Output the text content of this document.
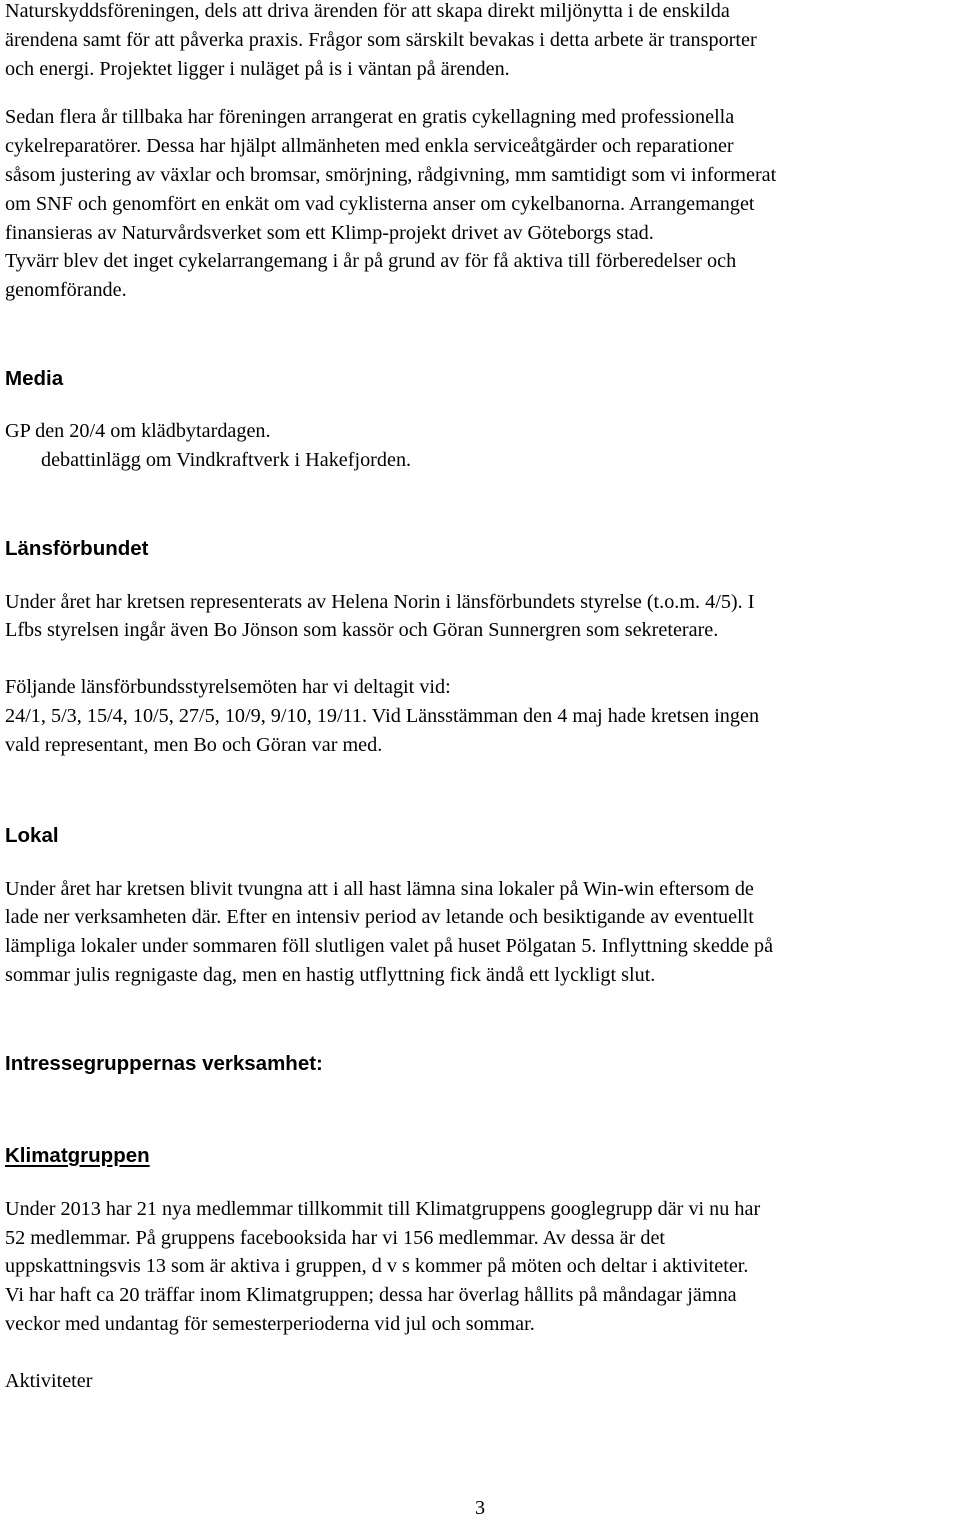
Naturskyddsföreningen, dels att driva ärenden för att skapa direkt miljönytta i de enskilda
ärendena samt för att påverka praxis. Frågor som särskilt bevakas i detta arbete är transporter
och energi. Projektet ligger i nuläget på is i väntan på ärenden.

Sedan flera år tillbaka har föreningen arrangerat en gratis cykellagning med professionella
cykelreparatörer. Dessa har hjälpt allmänheten med enkla serviceåtgärder och reparationer
såsom justering av växlar och bromsar, smörjning, rådgivning, mm samtidigt som vi informerat
om SNF och genomfört en enkät om vad cyklisterna anser om cykelbanorna. Arrangemanget
finansieras av Naturvårdsverket som ett Klimp-projekt drivet av Göteborgs stad.
Tyvärr blev det inget cykelarrangemang i år på grund av för få aktiva till förberedelser och
genomförande.

Media

GP den 20/4 om klädbytardagen.
debattinlägg om Vindkraftverk i Hakefjorden.

Länsförbundet

Under året har kretsen representerats av Helena Norin i länsförbundets styrelse (t.o.m. 4/5). I
Lfbs styrelsen ingår även Bo Jönson som kassör och Göran Sunnergren som sekreterare.

Följande länsförbundsstyrelsemöten har vi deltagit vid:
24/1, 5/3, 15/4, 10/5, 27/5, 10/9, 9/10, 19/11. Vid Länsstämman den 4 maj hade kretsen ingen
vald representant, men Bo och Göran var med.

Lokal

Under året har kretsen blivit tvungna att i all hast lämna sina lokaler på Win-win eftersom de
lade ner verksamheten där. Efter en intensiv period av letande och besiktigande av eventuellt
lämpliga lokaler under sommaren föll slutligen valet på huset Pölgatan 5. Inflyttning skedde på
sommar julis regnigaste dag, men en hastig utflyttning fick ändå ett lyckligt slut.

Intressegruppernas verksamhet:
Klimatgruppen

Under 2013 har 21 nya medlemmar tillkommit till Klimatgruppens googlegrupp där vi nu har
52 medlemmar. På gruppens facebooksida har vi 156 medlemmar. Av dessa är det
uppskattningsvis 13 som är aktiva i gruppen, d v s kommer på möten och deltar i aktiviteter.
Vi har haft ca 20 träffar inom Klimatgruppen; dessa har överlag hållits på måndagar jämna
veckor med undantag för semesterperioderna vid jul och sommar.

Aktiviteter

3
